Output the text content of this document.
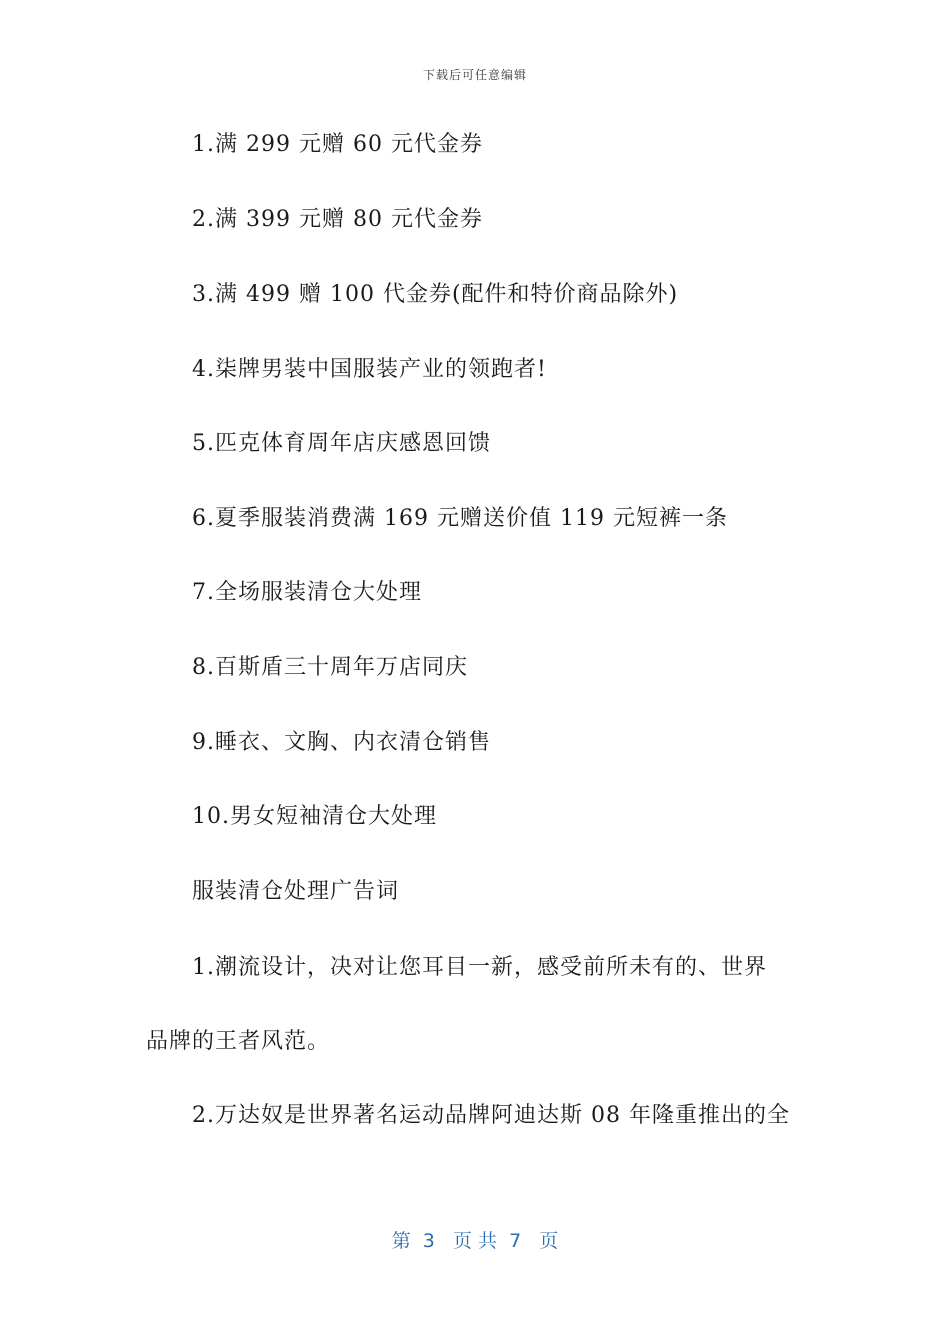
下载后可任意编辑
1.满 299 元赠 60 元代金券
2.满 399 元赠 80 元代金券
3.满 499 赠 100 代金券(配件和特价商品除外)
4.柒牌男装中国服装产业的领跑者!
5.匹克体育周年店庆感恩回馈
6.夏季服装消费满 169 元赠送价值 119 元短裤一条
7.全场服装清仓大处理
8.百斯盾三十周年万店同庆
9.睡衣、文胸、内衣清仓销售
10.男女短袖清仓大处理
服装清仓处理广告词
1.潮流设计，决对让您耳目一新，感受前所未有的、世界
品牌的王者风范。
2.万达奴是世界著名运动品牌阿迪达斯 08 年隆重推出的全
第  3   页 共  7   页
